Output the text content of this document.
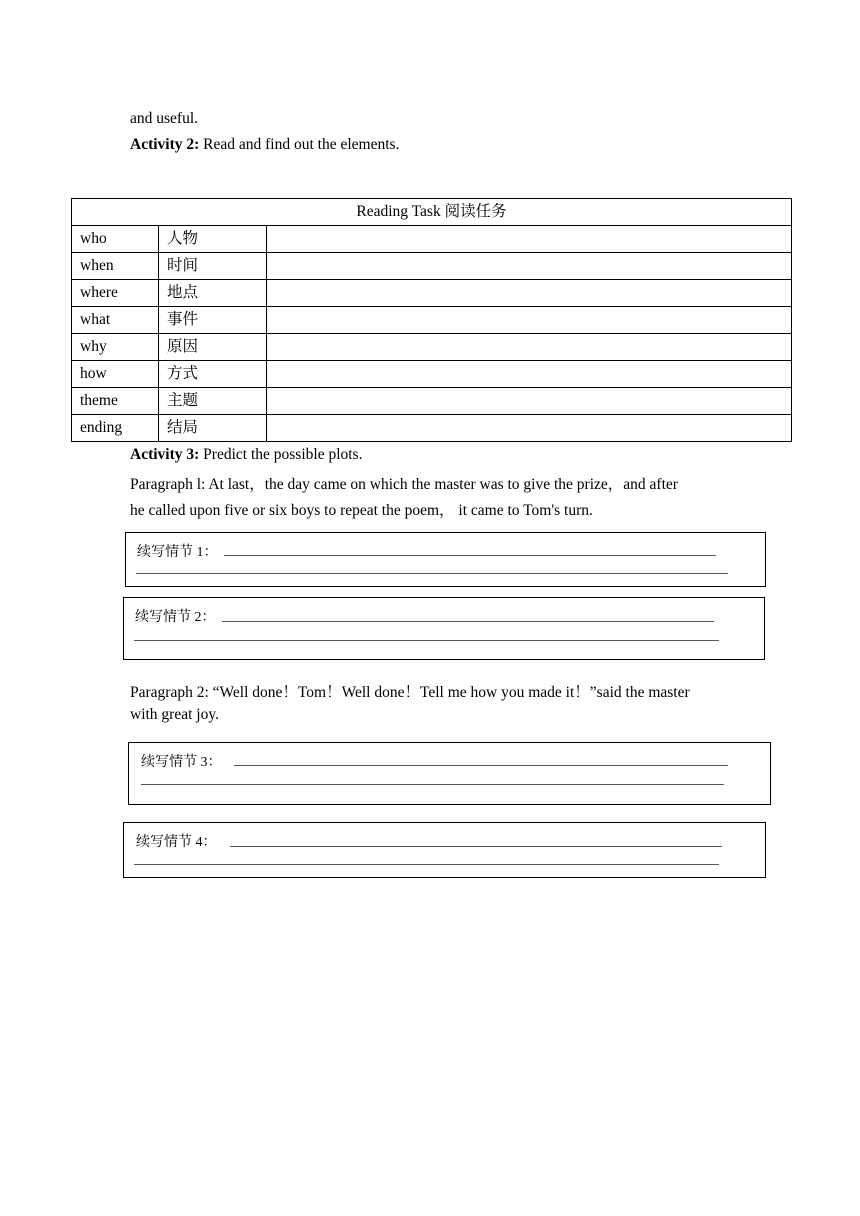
and useful.
Activity 2: Read and find out the elements.
Reading Task 阅读任务		
who	人物	
when	时间	
where	地点	
what	事件	
why	原因	
how	方式	
theme	主题	
ending	结局	
Activity 3: Predict the possible plots.
Paragraph l: At last，the day came on which the master was to give the prize，and after
he called upon five or six boys to repeat the poem， it came to Tom's turn.
续写情节 1：
续写情节 2：
Paragraph 2: “Well done！Tom！Well done！Tell me how you made it！”said the master
with great joy.
续写情节 3：
续写情节 4：
